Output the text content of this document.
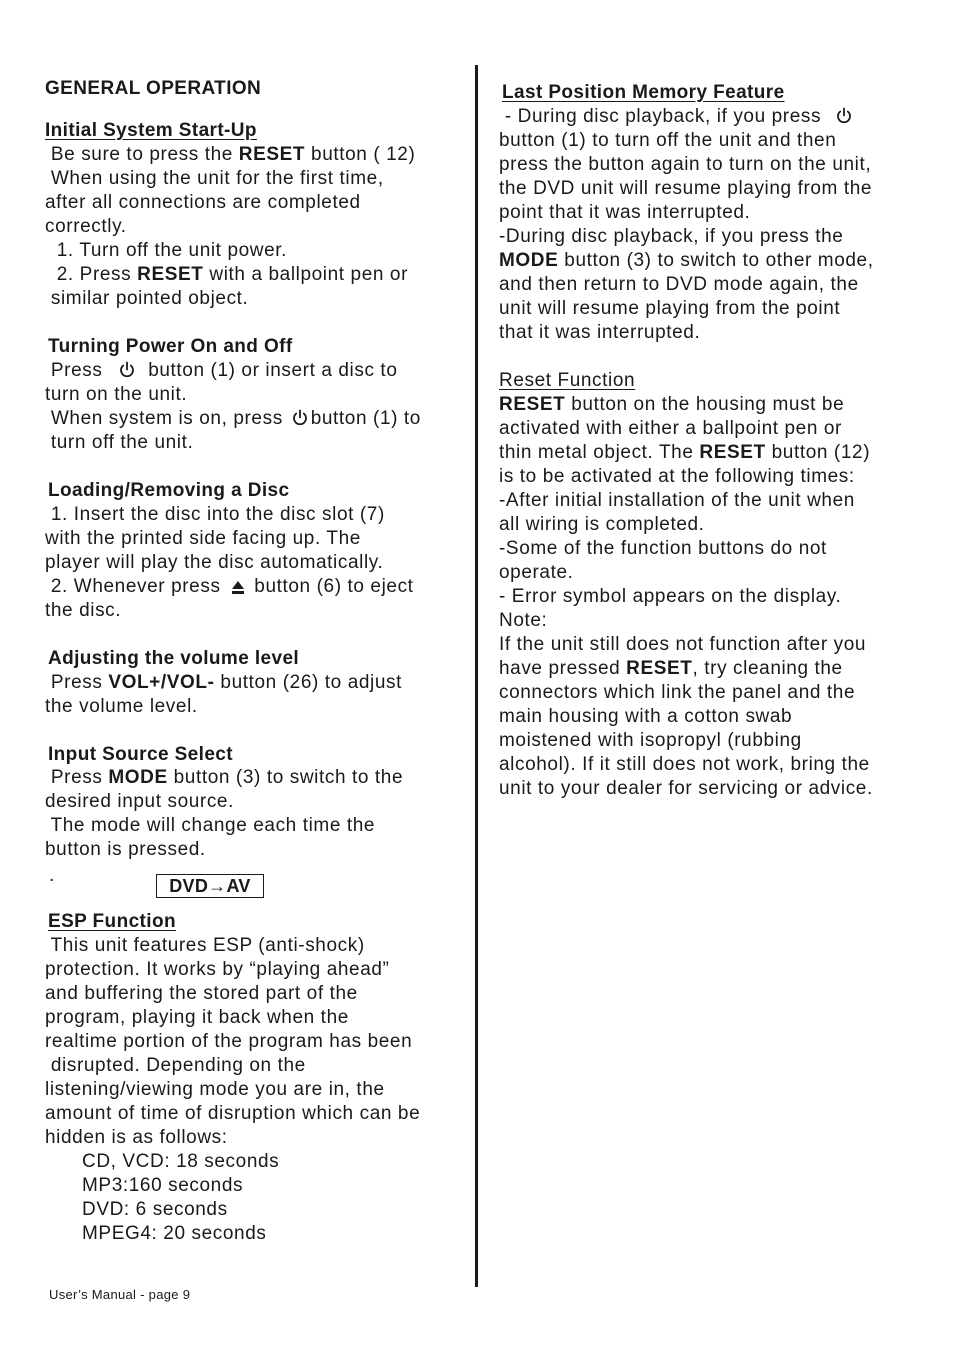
GENERAL OPERATION
Initial System Start-Up
Be sure to press the RESET button ( 12)
When using the unit for the first time,
after all connections are completed
correctly.
1. Turn off the unit power.
2. Press RESET with a ballpoint pen or
similar pointed object.
Turning Power On and Off
Press  button (1) or insert a disc to
turn on the unit.
When system is on, press button (1) to
turn off the unit.
Loading/Removing a Disc
1. Insert the disc into the disc slot (7)
with the printed side facing up. The
player will play the disc automatically.
2. Whenever press  button (6) to eject
the disc.
Adjusting the volume level
Press VOL+/VOL- button (26) to adjust
the volume level.
Input Source Select
Press MODE button (3) to switch to the
desired input source.
The mode will change each time the
button is pressed.
.	DVD→AV
ESP Function
This unit features ESP (anti-shock)
protection. It works by “playing ahead”
and buffering the stored part of the
program, playing it back when the
realtime portion of the program has been
disrupted. Depending on the
listening/viewing mode you are in, the
amount of time of disruption which can be
hidden is as follows:
CD, VCD: 18 seconds
MP3:160 seconds
DVD: 6 seconds
MPEG4: 20 seconds
Last Position Memory Feature
- During disc playback, if you press
button (1) to turn off the unit and then
press the button again to turn on the unit,
the DVD unit will resume playing from the
point that it was interrupted.
-During disc playback, if you press the
MODE button (3) to switch to other mode,
and then return to DVD mode again, the
unit will resume playing from the point
that it was interrupted.
Reset Function
RESET button on the housing must be
activated with either a ballpoint pen or
thin metal object. The RESET button (12)
is to be activated at the following times:
-After initial installation of the unit when
all wiring is completed.
-Some of the function buttons do not
operate.
- Error symbol appears on the display.
Note:
If the unit still does not function after you
have pressed RESET, try cleaning the
connectors which link the panel and the
main housing with a cotton swab
moistened with isopropyl (rubbing
alcohol). If it still does not work, bring the
unit to your dealer for servicing or advice.
User’s Manual - page 9
